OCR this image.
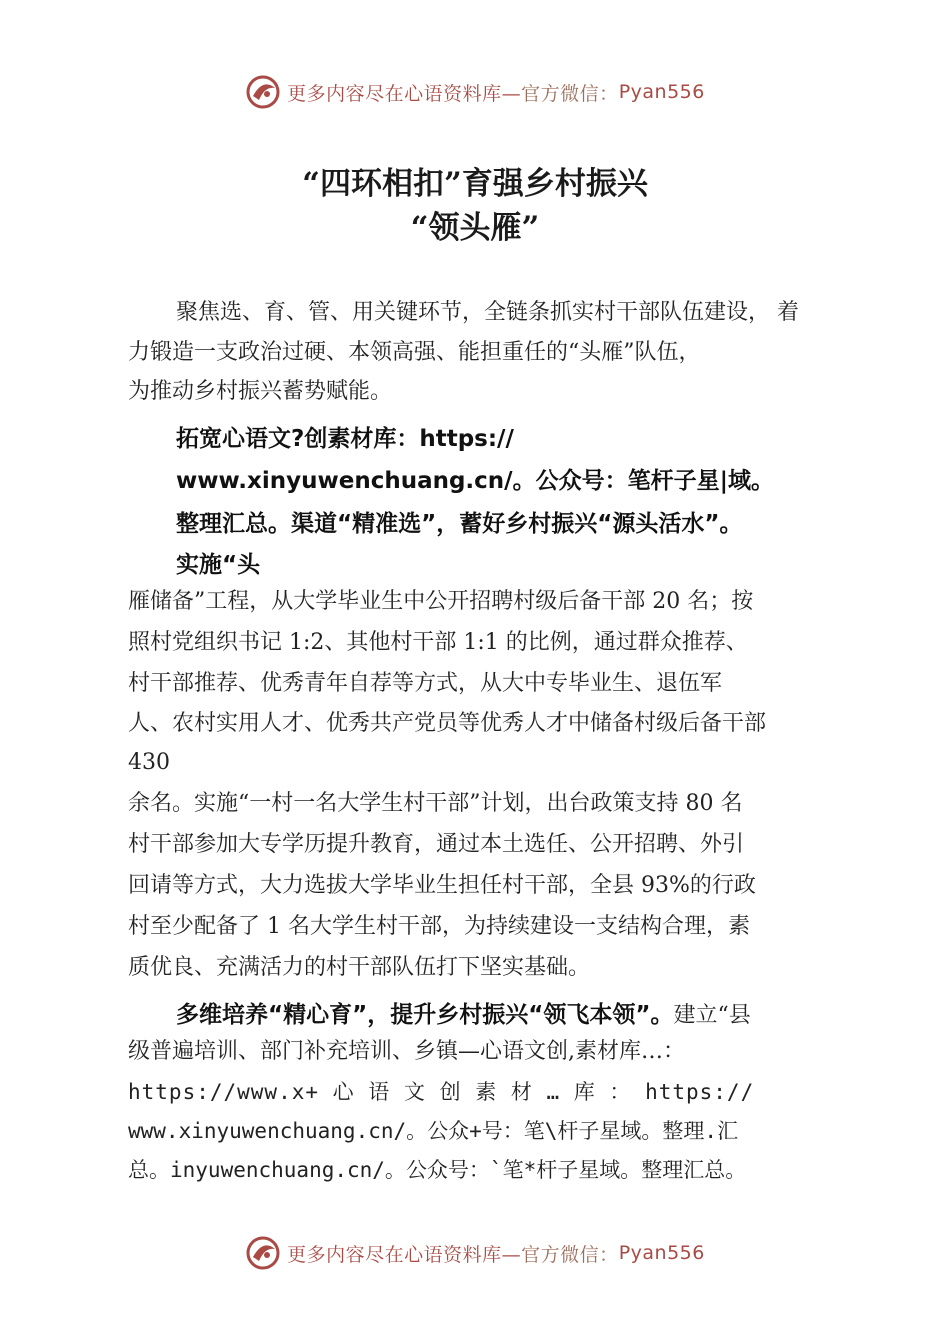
更多内容尽在心语资料库— 官方微信： Pyan556
“四环相扣”育强乡村振兴
“领头雁”
聚焦选、育、管、用关键环节，全链条抓实村干部队伍建设， 着
力锻造一支政治过硬、本领高强、能担重任的“头雁”队伍，
为推动乡村振兴蓄势赋能。
拓宽心语文?创素材库：https://
www.xinyuwenchuang.cn/。公众号：笔杆子星|域。
整理汇总。渠道“精准选”，蓄好乡村振兴“源头活水”。
实施“头
雁储备”工程，从大学毕业生中公开招聘村级后备干部 20 名；按
照村党组织书记 1:2、其他村干部 1:1 的比例，通过群众推荐、
村干部推荐、优秀青年自荐等方式，从大中专毕业生、退伍军
人、农村实用人才、优秀共产党员等优秀人才中储备村级后备干部
430
余名。实施“一村一名大学生村干部”计划，出台政策支持 80 名
村干部参加大专学历提升教育，通过本土选任、公开招聘、外引
回请等方式，大力选拔大学毕业生担任村干部，全县 93%的行政
村至少配备了 1 名大学生村干部，为持续建设一支结构合理，素
质优良、充满活力的村干部队伍打下坚实基础。
多维培养“精心育”，提升乡村振兴“领飞本领”。建立“县
级普遍培训、部门补充培训、乡镇—心语文创,素材库…：
https://www.x+ 心 语 文 创 素 材 … 库 ： https://
www.xinyuwenchuang.cn/。公众+号：笔\杆子星域。整理.汇
总。inyuwenchuang.cn/。公众号：`笔*杆子星域。整理汇总。
更多内容尽在心语资料库— 官方微信： Pyan556
